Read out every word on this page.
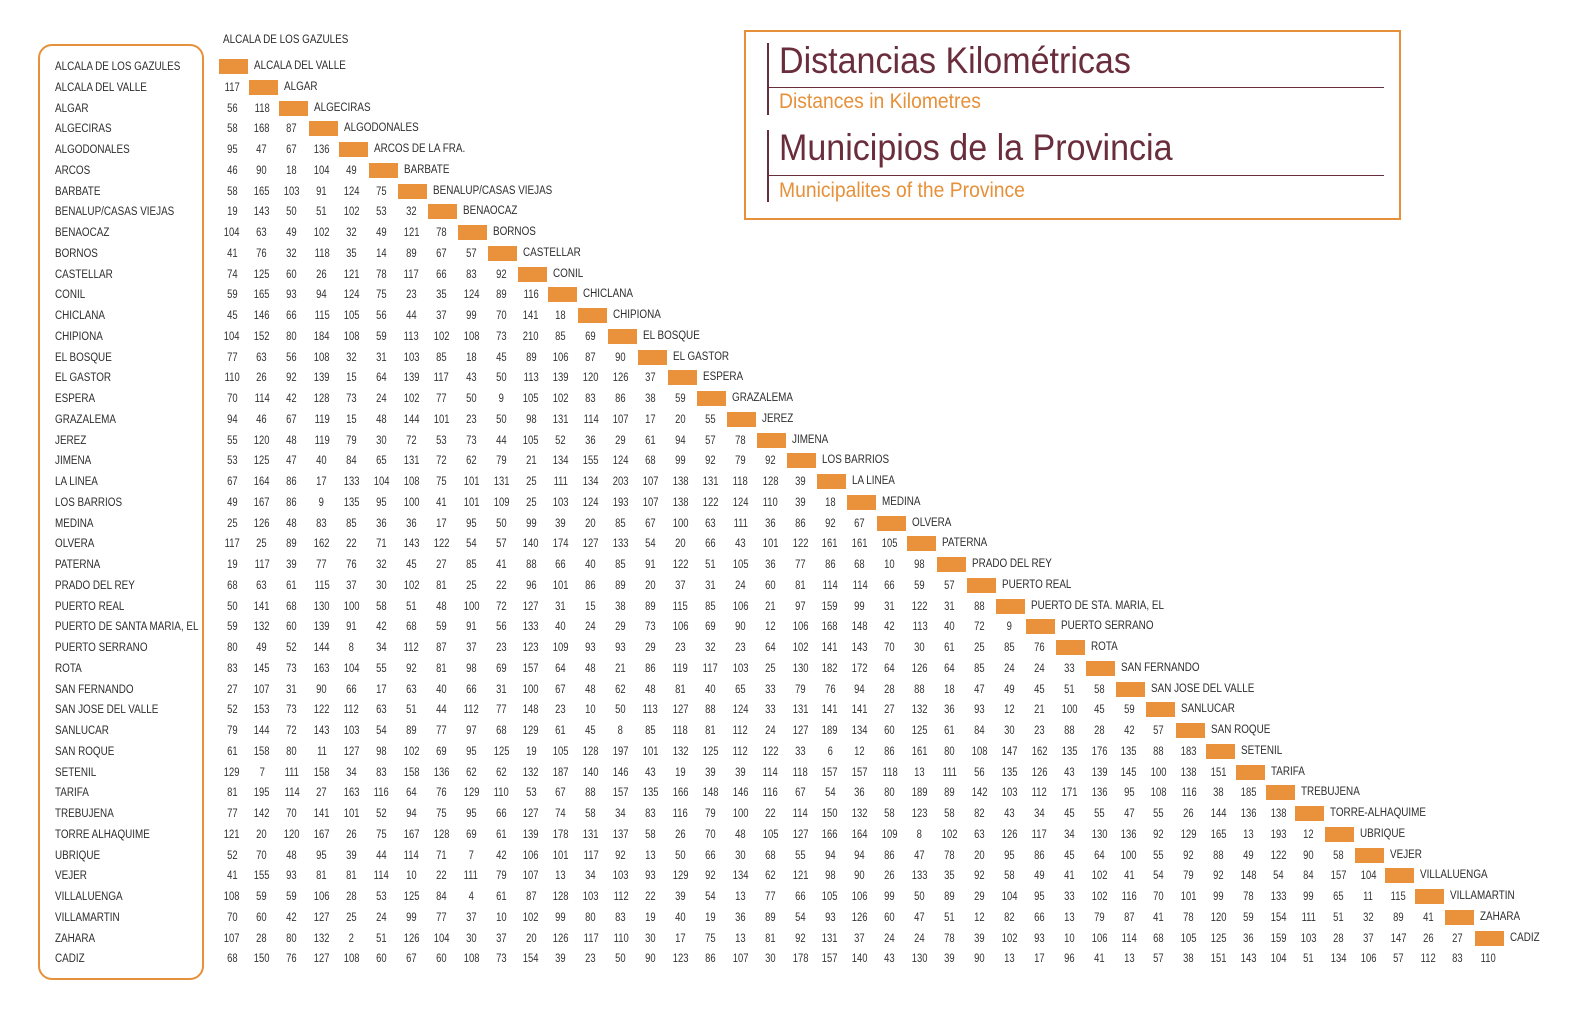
ALCALA DE LOS GAZULES	Distancias Kilométricas
Distances in Kilometres
Municipios de la Provincia
Municipalites of the Province
ALCALA DE LOS GAZULES	ALCALA DEL VALLE
ALCALA DEL VALLE	117	ALGAR
ALGAR	56	118	ALGECIRAS
ALGECIRAS	58	168	87	ALGODONALES
ALGODONALES	95	47	67	136	ARCOS DE LA FRA.
ARCOS	46	90	18	104	49	BARBATE
BARBATE	58	165	103	91	124	75	BENALUP/CASAS VIEJAS
BENALUP/CASAS VIEJAS	19	143	50	51	102	53	32	BENAOCAZ
BENAOCAZ	104	63	49	102	32	49	121	78	BORNOS
BORNOS	41	76	32	118	35	14	89	67	57	CASTELLAR
CASTELLAR	74	125	60	26	121	78	117	66	83	92	CONIL
CONIL	59	165	93	94	124	75	23	35	124	89	116	CHICLANA
CHICLANA	45	146	66	115	105	56	44	37	99	70	141	18	CHIPIONA
CHIPIONA	104	152	80	184	108	59	113	102	108	73	210	85	69	EL BOSQUE
EL BOSQUE	77	63	56	108	32	31	103	85	18	45	89	106	87	90	EL GASTOR
EL GASTOR	110	26	92	139	15	64	139	117	43	50	113	139	120	126	37	ESPERA
ESPERA	70	114	42	128	73	24	102	77	50	9	105	102	83	86	38	59	GRAZALEMA
GRAZALEMA	94	46	67	119	15	48	144	101	23	50	98	131	114	107	17	20	55	JEREZ
JEREZ	55	120	48	119	79	30	72	53	73	44	105	52	36	29	61	94	57	78	JIMENA
JIMENA	53	125	47	40	84	65	131	72	62	79	21	134	155	124	68	99	92	79	92	LOS BARRIOS
LA LINEA	67	164	86	17	133	104	108	75	101	131	25	111	134	203	107	138	131	118	128	39	LA LINEA
LOS BARRIOS	49	167	86	9	135	95	100	41	101	109	25	103	124	193	107	138	122	124	110	39	18	MEDINA
MEDINA	25	126	48	83	85	36	36	17	95	50	99	39	20	85	67	100	63	111	36	86	92	67	OLVERA
OLVERA	117	25	89	162	22	71	143	122	54	57	140	174	127	133	54	20	66	43	101	122	161	161	105	PATERNA
PATERNA	19	117	39	77	76	32	45	27	85	41	88	66	40	85	91	122	51	105	36	77	86	68	10	98	PRADO DEL REY
PRADO DEL REY	68	63	61	115	37	30	102	81	25	22	96	101	86	89	20	37	31	24	60	81	114	114	66	59	57	PUERTO REAL
PUERTO REAL	50	141	68	130	100	58	51	48	100	72	127	31	15	38	89	115	85	106	21	97	159	99	31	122	31	88	PUERTO DE STA. MARIA, EL
PUERTO DE SANTA MARIA, EL	59	132	60	139	91	42	68	59	91	56	133	40	24	29	73	106	69	90	12	106	168	148	42	113	40	72	9	PUERTO SERRANO
PUERTO SERRANO	80	49	52	144	8	34	112	87	37	23	123	109	93	93	29	23	32	23	64	102	141	143	70	30	61	25	85	76	ROTA
ROTA	83	145	73	163	104	55	92	81	98	69	157	64	48	21	86	119	117	103	25	130	182	172	64	126	64	85	24	24	33	SAN FERNANDO
SAN FERNANDO	27	107	31	90	66	17	63	40	66	31	100	67	48	62	48	81	40	65	33	79	76	94	28	88	18	47	49	45	51	58	SAN JOSE DEL VALLE
SAN JOSE DEL VALLE	52	153	73	122	112	63	51	44	112	77	148	23	10	50	113	127	88	124	33	131	141	141	27	132	36	93	12	21	100	45	59	SANLUCAR
SANLUCAR	79	144	72	143	103	54	89	77	97	68	129	61	45	8	85	118	81	112	24	127	189	134	60	125	61	84	30	23	88	28	42	57	SAN ROQUE
SAN ROQUE	61	158	80	11	127	98	102	69	95	125	19	105	128	197	101	132	125	112	122	33	6	12	86	161	80	108	147	162	135	176	135	88	183	SETENIL
SETENIL	129	7	111	158	34	83	158	136	62	62	132	187	140	146	43	19	39	39	114	118	157	157	118	13	111	56	135	126	43	139	145	100	138	151	TARIFA
TARIFA	81	195	114	27	163	116	64	76	129	110	53	67	88	157	135	166	148	146	116	67	54	36	80	189	89	142	103	112	171	136	95	108	116	38	185	TREBUJENA
TREBUJENA	77	142	70	141	101	52	94	75	95	66	127	74	58	34	83	116	79	100	22	114	150	132	58	123	58	82	43	34	45	55	47	55	26	144	136	138	TORRE-ALHAQUIME
TORRE ALHAQUIME	121	20	120	167	26	75	167	128	69	61	139	178	131	137	58	26	70	48	105	127	166	164	109	8	102	63	126	117	34	130	136	92	129	165	13	193	12	UBRIQUE
UBRIQUE	52	70	48	95	39	44	114	71	7	42	106	101	117	92	13	50	66	30	68	55	94	94	86	47	78	20	95	86	45	64	100	55	92	88	49	122	90	58	VEJER
VEJER	41	155	93	81	81	114	10	22	111	79	107	13	34	103	93	129	92	134	62	121	98	90	26	133	35	92	58	49	41	102	41	54	79	92	148	54	84	157	104	VILLALUENGA
VILLALUENGA	108	59	59	106	28	53	125	84	4	61	87	128	103	112	22	39	54	13	77	66	105	106	99	50	89	29	104	95	33	102	116	70	101	99	78	133	99	65	11	115	VILLAMARTIN
VILLAMARTIN	70	60	42	127	25	24	99	77	37	10	102	99	80	83	19	40	19	36	89	54	93	126	60	47	51	12	82	66	13	79	87	41	78	120	59	154	111	51	32	89	41	ZAHARA
ZAHARA	107	28	80	132	2	51	126	104	30	37	20	126	117	110	30	17	75	13	81	92	131	37	24	24	78	39	102	93	10	106	114	68	105	125	36	159	103	28	37	147	26	27	CADIZ
CADIZ	68	150	76	127	108	60	67	60	108	73	154	39	23	50	90	123	86	107	30	178	157	140	43	130	39	90	13	17	96	41	13	57	38	151	143	104	51	134	106	57	112	83	110
